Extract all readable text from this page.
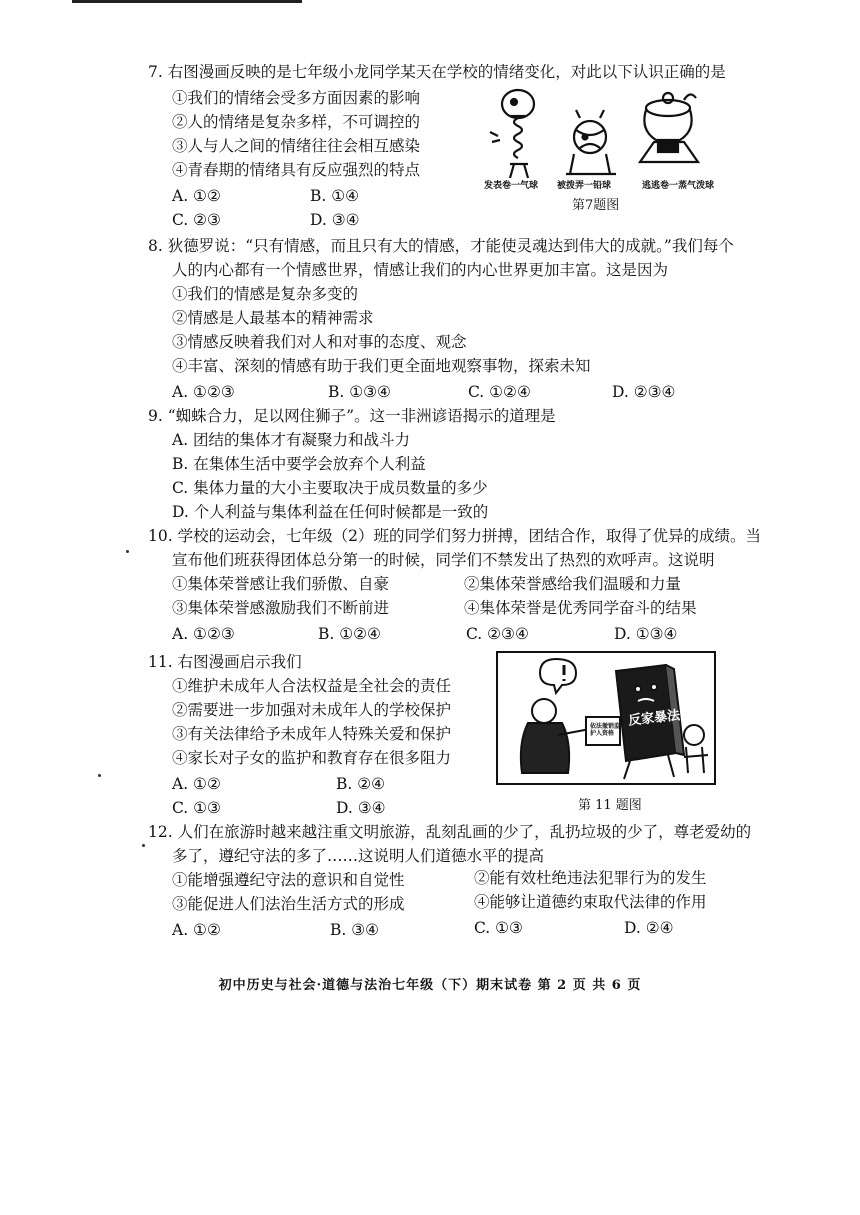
7. 右图漫画反映的是七年级小龙同学某天在学校的情绪变化，对此以下认识正确的是
①我们的情绪会受多方面因素的影响
②人的情绪是复杂多样，不可调控的
③人与人之间的情绪往往会相互感染
④青春期的情绪具有反应强烈的特点
A. ①②	B. ①④
C. ②③	D. ③④
发表卷一气球 被拨弄一铅球	逃逃卷一蒸气泼球
第7题图
8. 狄德罗说：“只有情感，而且只有大的情感，才能使灵魂达到伟大的成就。”我们每个
人的内心都有一个情感世界，情感让我们的内心世界更加丰富。这是因为
①我们的情感是复杂多变的
②情感是人最基本的精神需求
③情感反映着我们对人和对事的态度、观念
④丰富、深刻的情感有助于我们更全面地观察事物，探索未知
A. ①②③	B. ①③④	C. ①②④	D. ②③④
9. “蜘蛛合力，足以网住狮子”。这一非洲谚语揭示的道理是
A. 团结的集体才有凝聚力和战斗力
B. 在集体生活中要学会放弃个人利益
C. 集体力量的大小主要取决于成员数量的多少
D. 个人利益与集体利益在任何时候都是一致的
10. 学校的运动会，七年级（2）班的同学们努力拼搏，团结合作，取得了优异的成绩。当
宣布他们班获得团体总分第一的时候，同学们不禁发出了热烈的欢呼声。这说明
①集体荣誉感让我们骄傲、自豪	②集体荣誉感给我们温暖和力量
③集体荣誉感激励我们不断前进	④集体荣誉是优秀同学奋斗的结果
A. ①②③	B. ①②④	C. ②③④	D. ①③④
11. 右图漫画启示我们
①维护未成年人合法权益是全社会的责任
②需要进一步加强对未成年人的学校保护
③有关法律给予未成年人特殊关爱和保护
④家长对子女的监护和教育存在很多阻力
A. ①②	B. ②④
C. ①③	D. ③④
依法撤销监护人资格
反家暴法
第 11 题图
12. 人们在旅游时越来越注重文明旅游，乱刻乱画的少了，乱扔垃圾的少了，尊老爱幼的
多了，遵纪守法的多了……这说明人们道德水平的提高
①能增强遵纪守法的意识和自觉性	②能有效杜绝违法犯罪行为的发生
③能促进人们法治生活方式的形成	④能够让道德约束取代法律的作用
A. ①②	B. ③④	C. ①③	D. ②④
初中历史与社会·道德与法治七年级（下）期末试卷 第 2 页 共 6 页
